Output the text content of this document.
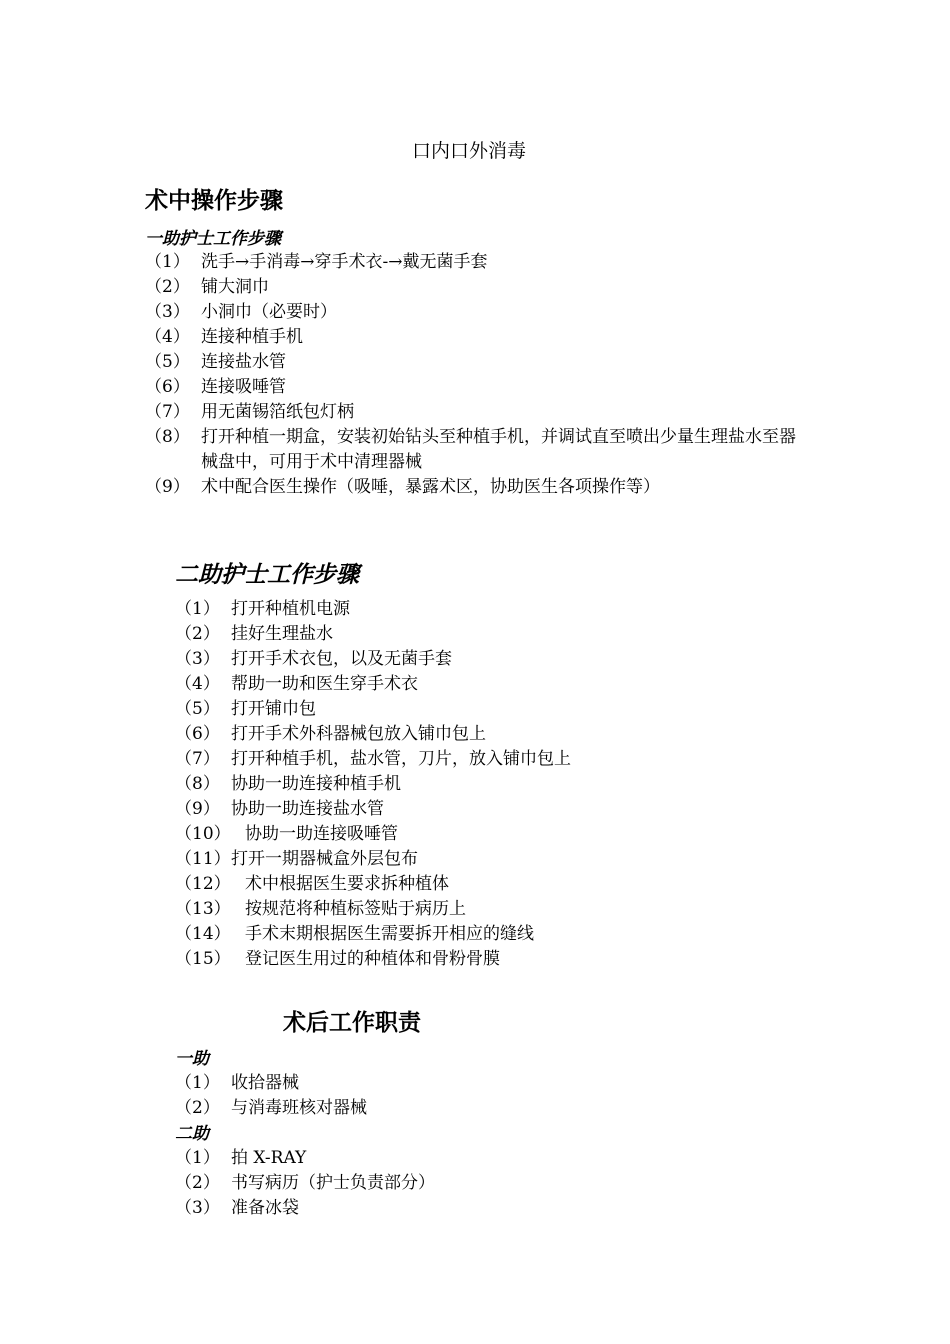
口内口外消毒
术中操作步骤
一助护士工作步骤
（1） 洗手→手消毒→穿手术衣-→戴无菌手套
（2） 铺大洞巾
（3） 小洞巾（必要时）
（4） 连接种植手机
（5） 连接盐水管
（6） 连接吸唾管
（7） 用无菌锡箔纸包灯柄
（8） 打开种植一期盒，安装初始钻头至种植手机，并调试直至喷出少量生理盐水至器械盘中，可用于术中清理器械
（9） 术中配合医生操作（吸唾，暴露术区，协助医生各项操作等）
二助护士工作步骤
（1） 打开种植机电源
（2） 挂好生理盐水
（3） 打开手术衣包，以及无菌手套
（4） 帮助一助和医生穿手术衣
（5） 打开铺巾包
（6） 打开手术外科器械包放入铺巾包上
（7） 打开种植手机，盐水管，刀片，放入铺巾包上
（8） 协助一助连接种植手机
（9） 协助一助连接盐水管
（10） 协助一助连接吸唾管
（11） 打开一期器械盒外层包布
（12） 术中根据医生要求拆种植体
（13） 按规范将种植标签贴于病历上
（14） 手术末期根据医生需要拆开相应的缝线
（15） 登记医生用过的种植体和骨粉骨膜
术后工作职责
一助
（1） 收拾器械
（2） 与消毒班核对器械
二助
（1） 拍 X-RAY
（2） 书写病历（护士负责部分）
（3） 准备冰袋
